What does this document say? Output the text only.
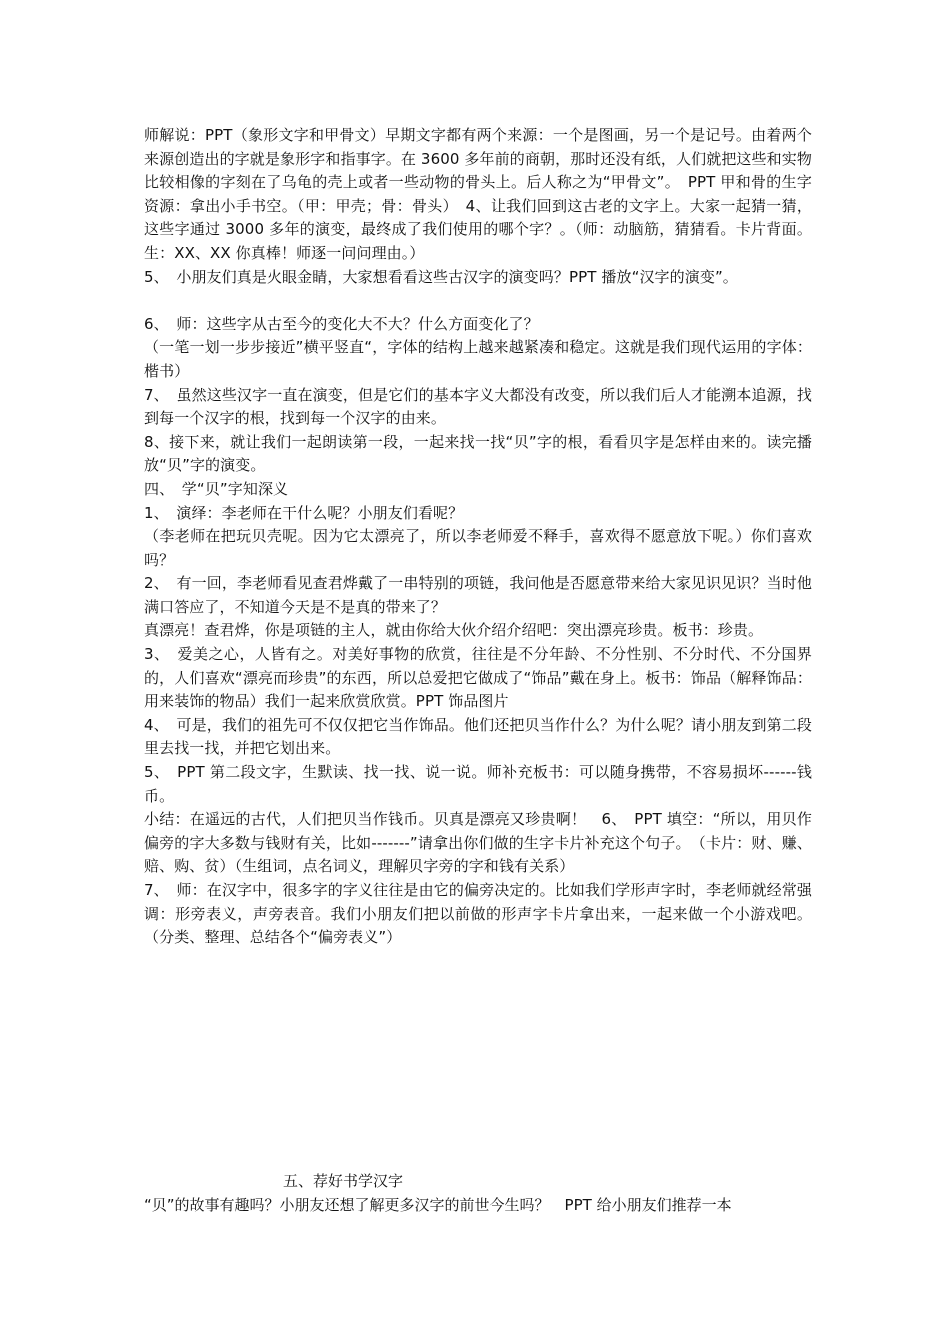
师解说：PPT（象形文字和甲骨文）早期文字都有两个来源：一个是图画，另一个是记号。由着两个来源创造出的字就是象形字和指事字。在 3600 多年前的商朝，那时还没有纸，人们就把这些和实物比较相像的字刻在了乌龟的壳上或者一些动物的骨头上。后人称之为“甲骨文”。　PPT 甲和骨的生字资源：拿出小手书空。（甲：甲壳；骨：骨头）　4、让我们回到这古老的文字上。大家一起猜一猜，这些字通过 3000 多年的演变，最终成了我们使用的哪个字？。（师：动脑筋，猜猜看。卡片背面。生：XX、XX 你真棒！师逐一问问理由。）

5、　小朋友们真是火眼金睛，大家想看看这些古汉字的演变吗？PPT 播放“汉字的演变”。

6、　师：这些字从古至今的变化大不大？什么方面变化了？

（一笔一划一步步接近”横平竖直“，字体的结构上越来越紧凑和稳定。这就是我们现代运用的字体：楷书）

7、　虽然这些汉字一直在演变，但是它们的基本字义大都没有改变，所以我们后人才能溯本追源，找到每一个汉字的根，找到每一个汉字的由来。

8、接下来，就让我们一起朗读第一段，一起来找一找“贝”字的根，看看贝字是怎样由来的。读完播放“贝”字的演变。

四、　学“贝”字知深义

1、　演绎：李老师在干什么呢？小朋友们看呢？

（李老师在把玩贝壳呢。因为它太漂亮了，所以李老师爱不释手，喜欢得不愿意放下呢。）你们喜欢吗？

2、　有一回，李老师看见查君烨戴了一串特别的项链，我问他是否愿意带来给大家见识见识？当时他满口答应了，不知道今天是不是真的带来了？

真漂亮！查君烨，你是项链的主人，就由你给大伙介绍介绍吧：突出漂亮珍贵。板书：珍贵。

3、　爱美之心，人皆有之。对美好事物的欣赏，往往是不分年龄、不分性别、不分时代、不分国界的，人们喜欢“漂亮而珍贵”的东西，所以总爱把它做成了“饰品”戴在身上。板书：饰品（解释饰品：用来装饰的物品）我们一起来欣赏欣赏。PPT 饰品图片

4、　可是，我们的祖先可不仅仅把它当作饰品。他们还把贝当作什么？为什么呢？请小朋友到第二段里去找一找，并把它划出来。

5、　PPT 第二段文字，生默读、找一找、说一说。师补充板书：可以随身携带，不容易损坏------钱币。

小结：在遥远的古代，人们把贝当作钱币。贝真是漂亮又珍贵啊！　6、　PPT 填空：“所以，用贝作偏旁的字大多数与钱财有关，比如-------”请拿出你们做的生字卡片补充这个句子。　（卡片：财、赚、赔、购、贫）（生组词，点名词义，理解贝字旁的字和钱有关系）

7、　师：在汉字中，很多字的字义往往是由它的偏旁决定的。比如我们学形声字时，李老师就经常强调：形旁表义，声旁表音。我们小朋友们把以前做的形声字卡片拿出来，一起来做一个小游戏吧。（分类、整理、总结各个“偏旁表义”）

五、荐好书学汉字
“贝”的故事有趣吗？小朋友还想了解更多汉字的前世今生吗？　PPT 给小朋友们推荐一本
